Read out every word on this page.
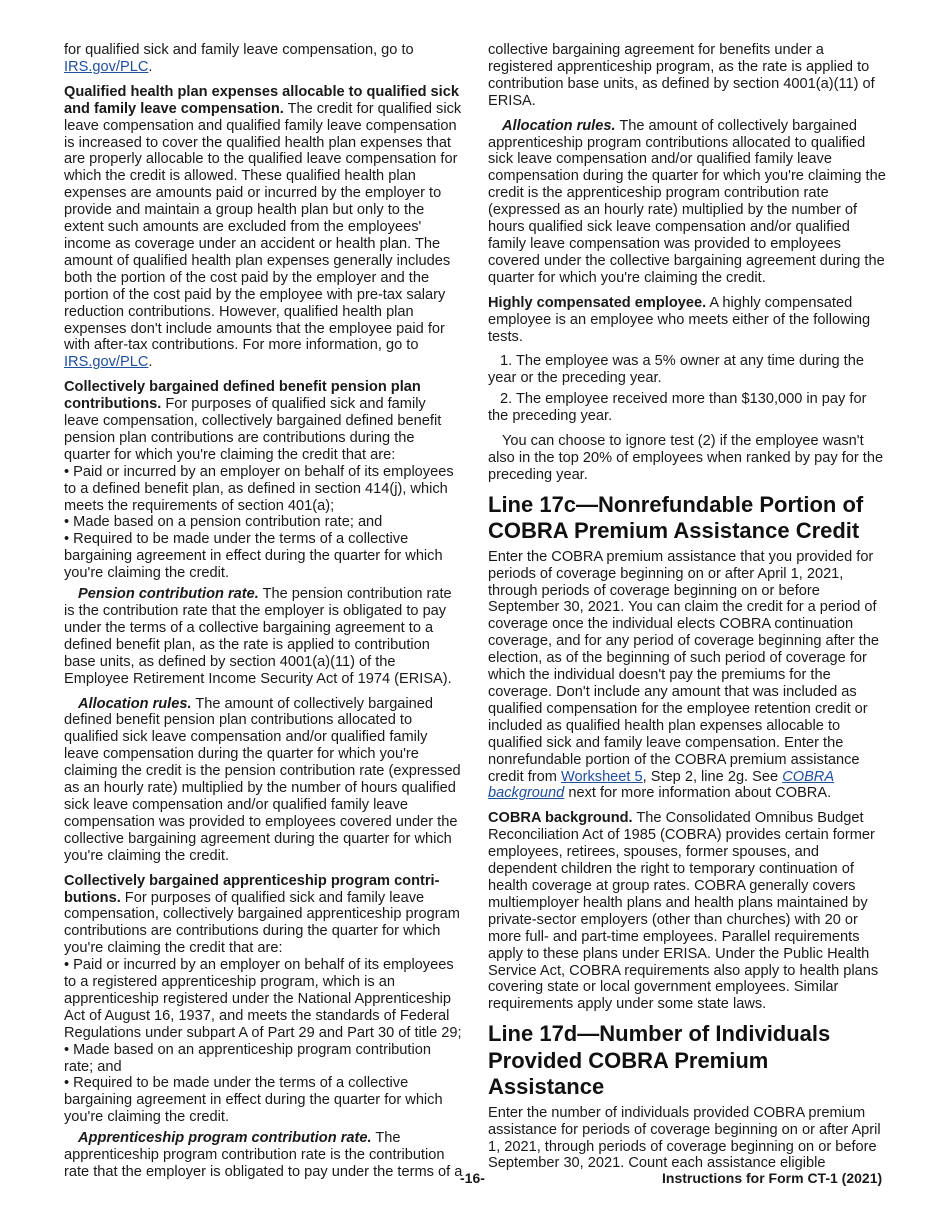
for qualified sick and family leave compensation, go to IRS.gov/PLC.

Qualified health plan expenses allocable to qualified sick and family leave compensation. The credit for qualified sick leave compensation and qualified family leave compensation is increased to cover the qualified health plan expenses that are properly allocable to the qualified leave compensation for which the credit is allowed. These qualified health plan expenses are amounts paid or incurred by the employer to provide and maintain a group health plan but only to the extent such amounts are excluded from the employees' income as coverage under an accident or health plan. The amount of qualified health plan expenses generally includes both the portion of the cost paid by the employer and the portion of the cost paid by the employee with pre-tax salary reduction contributions. However, qualified health plan expenses don't include amounts that the employee paid for with after-tax contributions. For more information, go to IRS.gov/PLC.

Collectively bargained defined benefit pension plan contributions. For purposes of qualified sick and family leave compensation, collectively bargained defined benefit pension plan contributions are contributions during the quarter for which you're claiming the credit that are:

• Paid or incurred by an employer on behalf of its employees to a defined benefit plan, as defined in section 414(j), which meets the requirements of section 401(a);
• Made based on a pension contribution rate; and
• Required to be made under the terms of a collective bargaining agreement in effect during the quarter for which you're claiming the credit.

Pension contribution rate. The pension contribution rate is the contribution rate that the employer is obligated to pay under the terms of a collective bargaining agreement to a defined benefit plan, as the rate is applied to contribution base units, as defined by section 4001(a)(11) of the Employee Retirement Income Security Act of 1974 (ERISA).

Allocation rules. The amount of collectively bargained defined benefit pension plan contributions allocated to qualified sick leave compensation and/or qualified family leave compensation during the quarter for which you're claiming the credit is the pension contribution rate (expressed as an hourly rate) multiplied by the number of hours qualified sick leave compensation and/or qualified family leave compensation was provided to employees covered under the collective bargaining agreement during the quarter for which you're claiming the credit.

Collectively bargained apprenticeship program contri-butions. For purposes of qualified sick and family leave compensation, collectively bargained apprenticeship program contributions are contributions during the quarter for which you're claiming the credit that are:

• Paid or incurred by an employer on behalf of its employees to a registered apprenticeship program, which is an apprenticeship registered under the National Apprenticeship Act of August 16, 1937, and meets the standards of Federal Regulations under subpart A of Part 29 and Part 30 of title 29;
• Made based on an apprenticeship program contribution rate; and
• Required to be made under the terms of a collective bargaining agreement in effect during the quarter for which you're claiming the credit.

Apprenticeship program contribution rate. The apprenticeship program contribution rate is the contribution rate that the employer is obligated to pay under the terms of a

collective bargaining agreement for benefits under a registered apprenticeship program, as the rate is applied to contribution base units, as defined by section 4001(a)(11) of ERISA.

Allocation rules. The amount of collectively bargained apprenticeship program contributions allocated to qualified sick leave compensation and/or qualified family leave compensation during the quarter for which you're claiming the credit is the apprenticeship program contribution rate (expressed as an hourly rate) multiplied by the number of hours qualified sick leave compensation and/or qualified family leave compensation was provided to employees covered under the collective bargaining agreement during the quarter for which you're claiming the credit.

Highly compensated employee. A highly compensated employee is an employee who meets either of the following tests.

1. The employee was a 5% owner at any time during the year or the preceding year.

2. The employee received more than $130,000 in pay for the preceding year.

You can choose to ignore test (2) if the employee wasn't also in the top 20% of employees when ranked by pay for the preceding year.

Line 17c—Nonrefundable Portion of COBRA Premium Assistance Credit

Enter the COBRA premium assistance that you provided for periods of coverage beginning on or after April 1, 2021, through periods of coverage beginning on or before September 30, 2021. You can claim the credit for a period of coverage once the individual elects COBRA continuation coverage, and for any period of coverage beginning after the election, as of the beginning of such period of coverage for which the individual doesn't pay the premiums for the coverage. Don't include any amount that was included as qualified compensation for the employee retention credit or included as qualified health plan expenses allocable to qualified sick and family leave compensation. Enter the nonrefundable portion of the COBRA premium assistance credit from Worksheet 5, Step 2, line 2g. See COBRA background next for more information about COBRA.

COBRA background. The Consolidated Omnibus Budget Reconciliation Act of 1985 (COBRA) provides certain former employees, retirees, spouses, former spouses, and dependent children the right to temporary continuation of health coverage at group rates. COBRA generally covers multiemployer health plans and health plans maintained by private-sector employers (other than churches) with 20 or more full- and part-time employees. Parallel requirements apply to these plans under ERISA. Under the Public Health Service Act, COBRA requirements also apply to health plans covering state or local government employees. Similar requirements apply under some state laws.

Line 17d—Number of Individuals Provided COBRA Premium Assistance

Enter the number of individuals provided COBRA premium assistance for periods of coverage beginning on or after April 1, 2021, through periods of coverage beginning on or before September 30, 2021. Count each assistance eligible

-16-	Instructions for Form CT-1 (2021)
